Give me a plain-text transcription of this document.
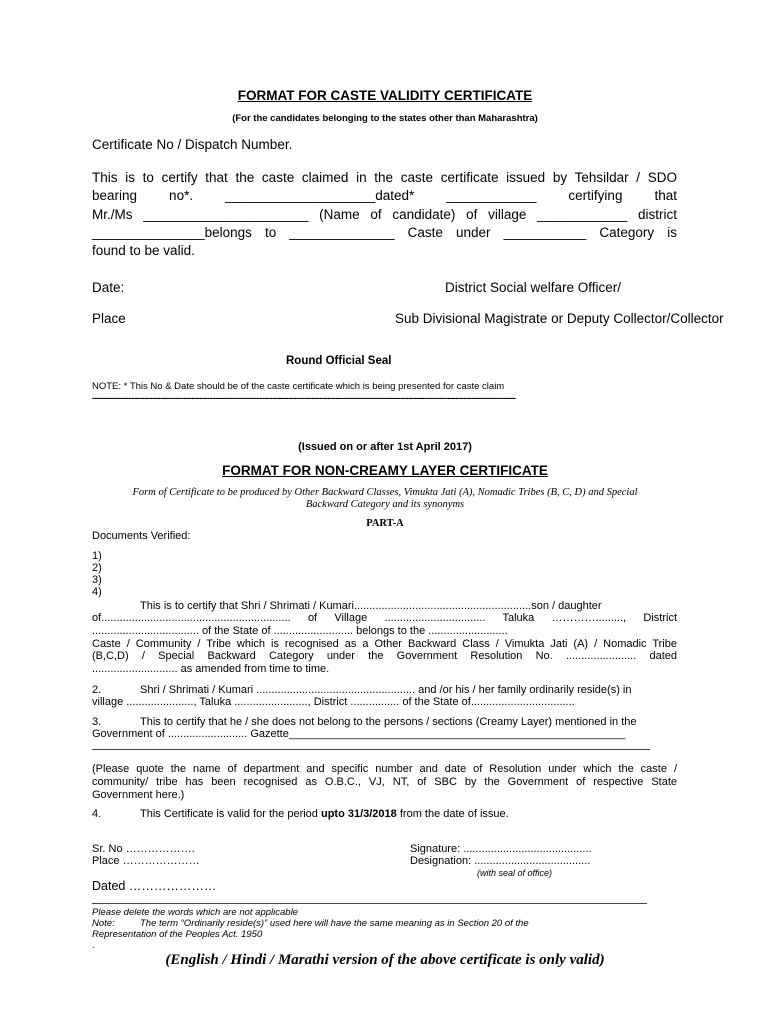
FORMAT FOR CASTE VALIDITY CERTIFICATE
(For the candidates belonging to the states other than Maharashtra)
Certificate No / Dispatch Number.
This is to certify that the caste claimed in the caste certificate issued by Tehsildar / SDO
bearing no*. ____________________dated* ____________ certifying that
Mr./Ms ______________________ (Name of candidate) of village ____________ district
_______________belongs to ______________ Caste under ___________ Category is
found to be valid.
Date:	District Social welfare Officer/
Place	Sub Divisional Magistrate or Deputy Collector/Collector
Round Official Seal
NOTE: * This No & Date should be of the caste certificate which is being presented for caste claim
------------------------------------------------------------------------------------------------------------------------------------------------------------------
(Issued on or after 1st April 2017)
FORMAT FOR NON-CREAMY LAYER CERTIFICATE
Form of Certificate to be produced by Other Backward Classes, Vimukta Jati (A), Nomadic Tribes (B, C, D) and Special
Backward Category and its synonyms
PART-A
Documents Verified:
1)
2)
3)
4)
This is to certify that Shri / Shrimati / Kumari..........................................................son / daughter
of.............................................................. of Village ................................. Taluka …………........., District
................................... of the State of .......................... belongs to the ..........................
Caste / Community / Tribe which is recognised as a Other Backward Class / Vimukta Jati (A) / Nomadic Tribe
(B,C,D) / Special Backward Category under the Government Resolution No. ....................... dated
............................ as amended from time to time.
2.	Shri / Shrimati / Kumari .................................................... and /or his / her family ordinarily reside(s) in
village ......................, Taluka ........................, District ................ of the State of..................................
3.	This to certify that he / she does not belong to the persons / sections (Creamy Layer) mentioned in the
Government of .......................... Gazette_______________________________________________________
(Please quote the name of department and specific number and date of Resolution under which the caste /
community/ tribe has been recognised as O.B.C., VJ, NT, of SBC by the Government of respective State
Government here.)
4.	This Certificate is valid for the period upto 31/3/2018 from the date of issue.
Sr. No ……………….
Place …………………
Signature: ..........................................
Designation: ......................................
(with seal of office)
Dated …………………
Please delete the words which are not applicable
Note:	The term “Ordinarily reside(s)” used here will have the same meaning as in Section 20 of the
Representation of the Peoples Act. 1950
.
(English / Hindi / Marathi version of the above certificate is only valid)
